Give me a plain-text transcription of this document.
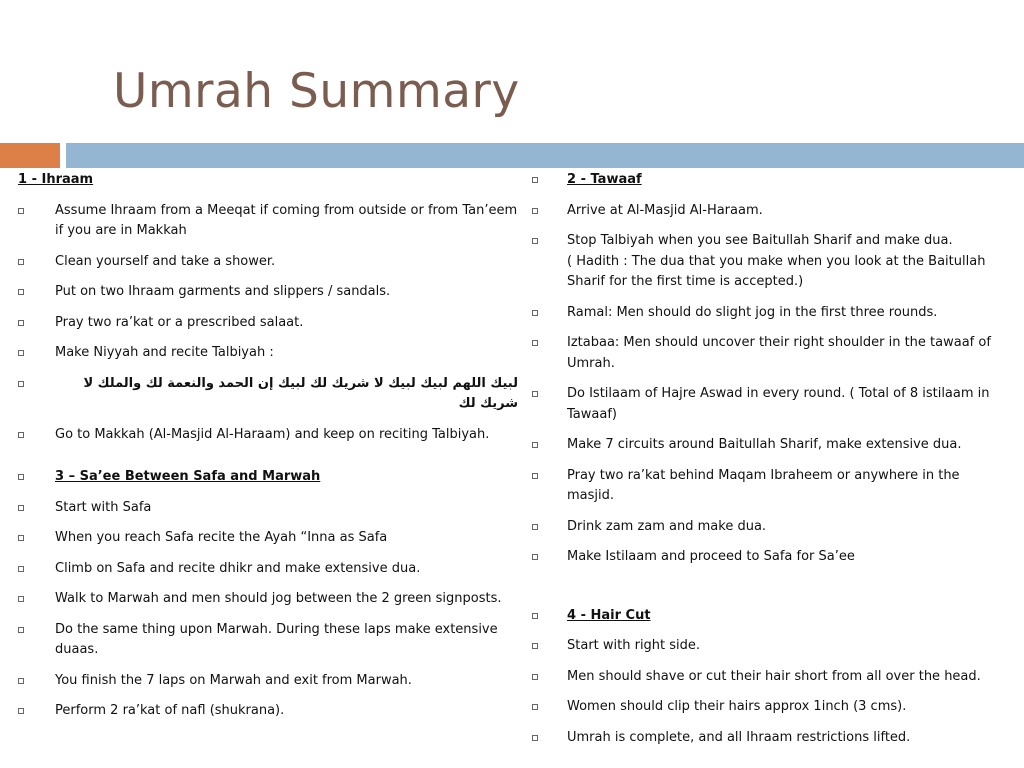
Umrah Summary
1 - Ihraam
Assume Ihraam from a Meeqat if coming from outside or from Tan’eem if you are in Makkah
Clean yourself and take a shower.
Put on two Ihraam garments and slippers / sandals.
Pray two ra’kat or a prescribed salaat.
Make Niyyah and recite Talbiyah :
لبيك اللهم لبيك لبيك لا شريك لك لبيك إن الحمد والنعمة لك والملك لا شريك لك
Go to Makkah (Al-Masjid Al-Haraam) and keep on reciting Talbiyah.
3 – Sa’ee Between Safa and Marwah
Start with Safa
When you reach Safa recite the Ayah “Inna as Safa
Climb on Safa and recite dhikr and make extensive dua.
Walk to Marwah and men should jog between the 2 green signposts.
Do the same thing upon Marwah. During these laps make extensive duaas.
You finish the 7 laps on Marwah and exit from Marwah.
Perform 2 ra’kat of nafl (shukrana).
2 - Tawaaf
Arrive at Al-Masjid Al-Haraam.
Stop Talbiyah when you see Baitullah Sharif and make dua.
( Hadith : The dua that you make when you look at the Baitullah Sharif for the first time is accepted.)
Ramal: Men should do slight jog in the first three rounds.
Iztabaa: Men should uncover their right shoulder in the tawaaf of Umrah.
Do Istilaam of Hajre Aswad in every round. ( Total of 8 istilaam in Tawaaf)
Make 7 circuits around Baitullah Sharif, make extensive dua.
Pray two ra’kat behind Maqam Ibraheem or anywhere in the masjid.
Drink zam zam and make dua.
Make Istilaam and proceed to Safa for Sa’ee
4 - Hair Cut
Start with right side.
Men should shave or cut their hair short from all over the head.
Women should clip their hairs approx 1inch (3 cms).
Umrah is complete, and all Ihraam restrictions lifted.
